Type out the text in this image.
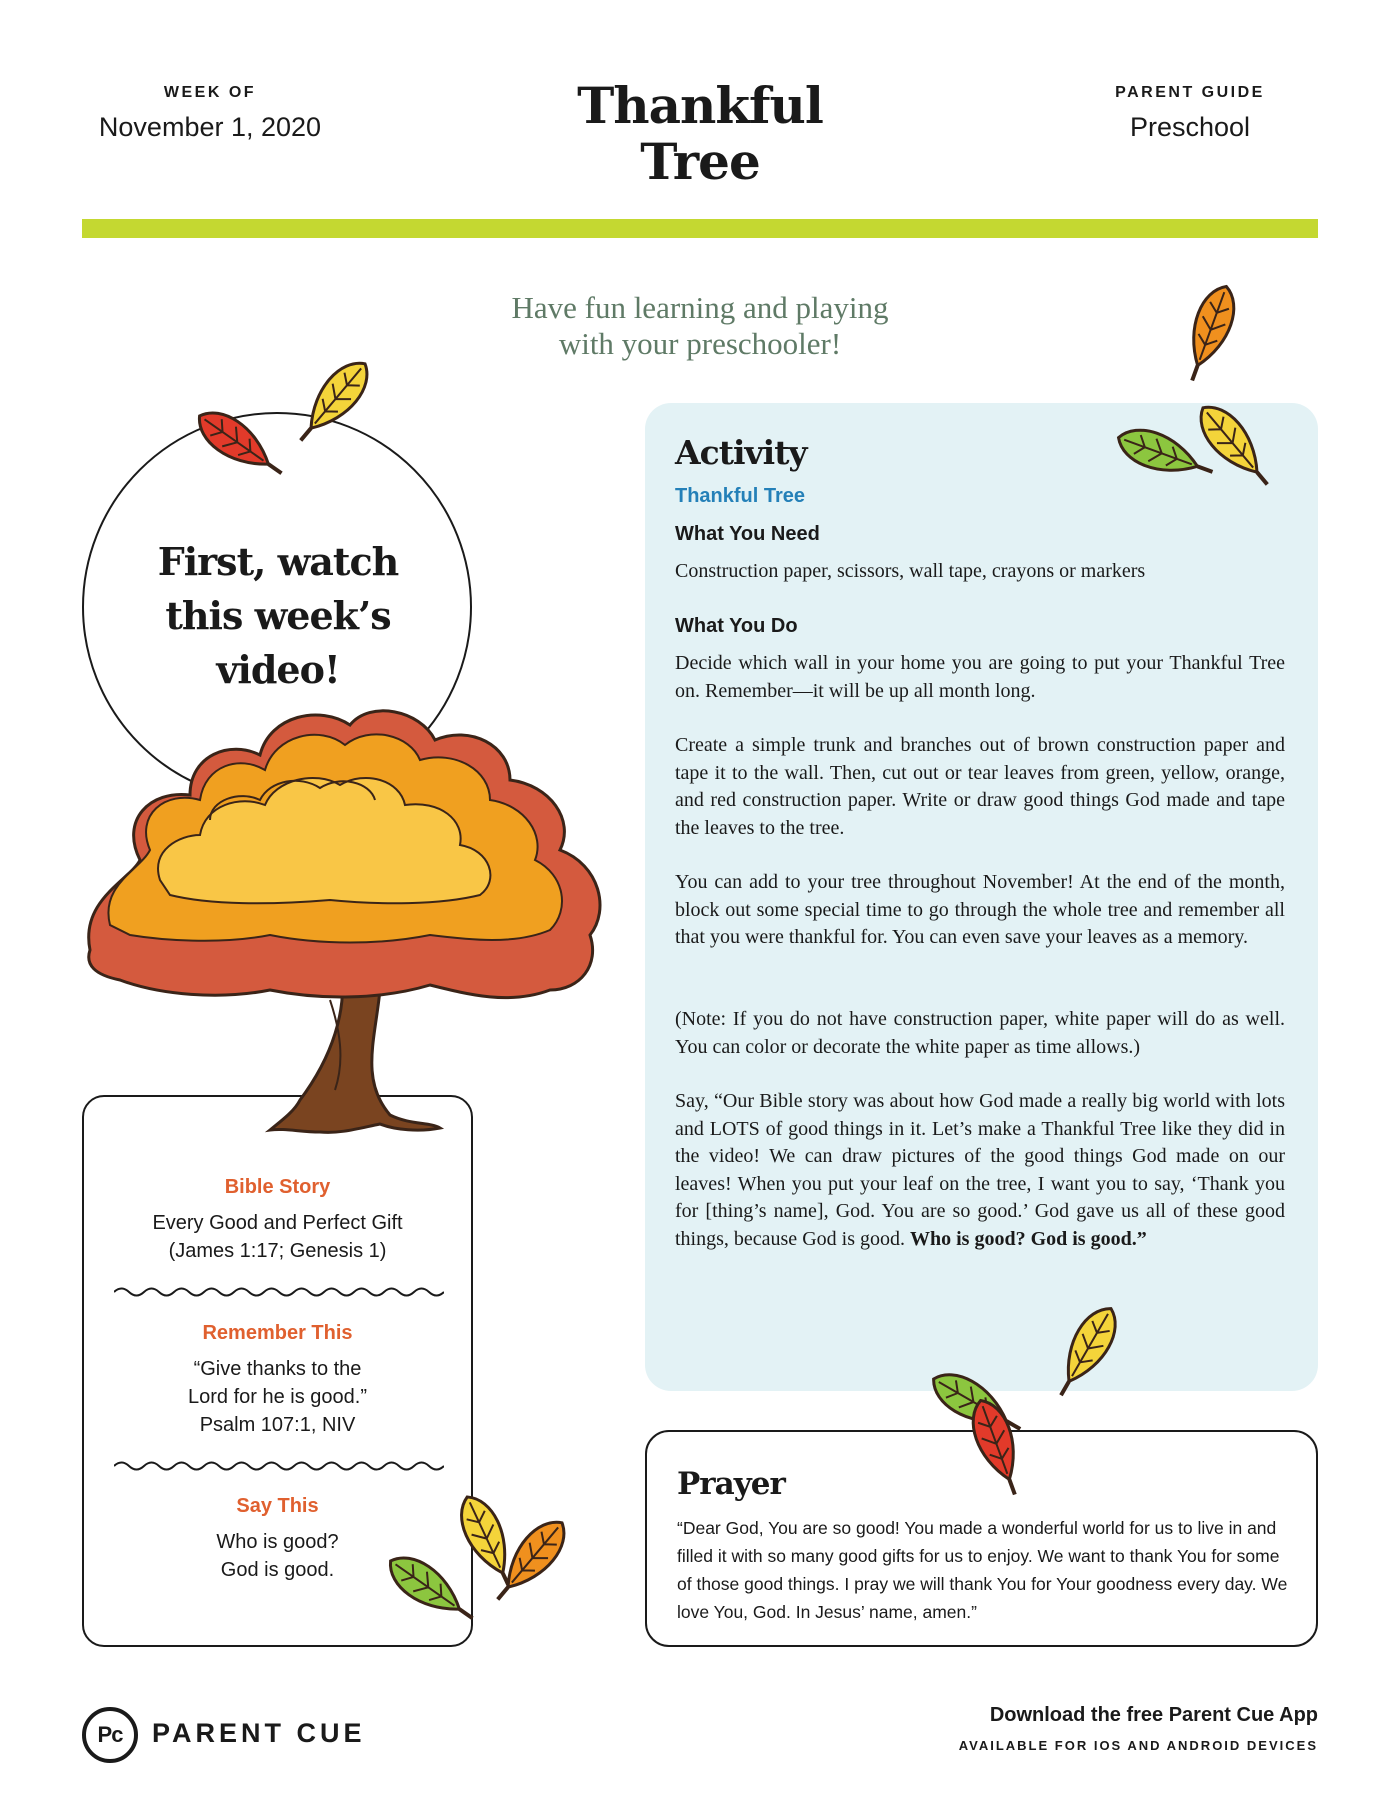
WEEK OF
November 1, 2020	Thankful
Tree
PARENT GUIDE
Preschool
Have fun learning and playing
with your preschooler!
First, watch
this week’s
video!
Bible Story
Every Good and Perfect Gift
(James 1:17; Genesis 1)
Remember This
“Give thanks to the
Lord for he is good.”
Psalm 107:1, NIV
Say This
Who is good?
God is good.
Activity
Thankful Tree
What You Need
Construction paper, scissors, wall tape, crayons or markers
What You Do
Decide which wall in your home you are going to put your Thankful Tree on. Remember—it will be up all month long.
Create a simple trunk and branches out of brown construction paper and tape it to the wall. Then, cut out or tear leaves from green, yellow, orange, and red construction paper. Write or draw good things God made and tape the leaves to the tree.
You can add to your tree throughout November! At the end of the month, block out some special time to go through the whole tree and remember all that you were thankful for. You can even save your leaves as a memory.
(Note: If you do not have construction paper, white paper will do as well. You can color or decorate the white paper as time allows.)
Say, “Our Bible story was about how God made a really big world with lots and LOTS of good things in it. Let’s make a Thankful Tree like they did in the video! We can draw pictures of the good things God made on our leaves! When you put your leaf on the tree, I want you to say, ‘Thank you for [thing’s name], God. You are so good.’ God gave us all of these good things, because God is good. Who is good? God is good.”
Prayer
“Dear God, You are so good! You made a wonderful world for us to live in and filled it with so many good gifts for us to enjoy. We want to thank You for some of those good things. I pray we will thank You for Your goodness every day. We love You, God. In Jesus’ name, amen.”
Pc	PARENT CUE
Download the free Parent Cue App
AVAILABLE FOR IOS AND ANDROID DEVICES
